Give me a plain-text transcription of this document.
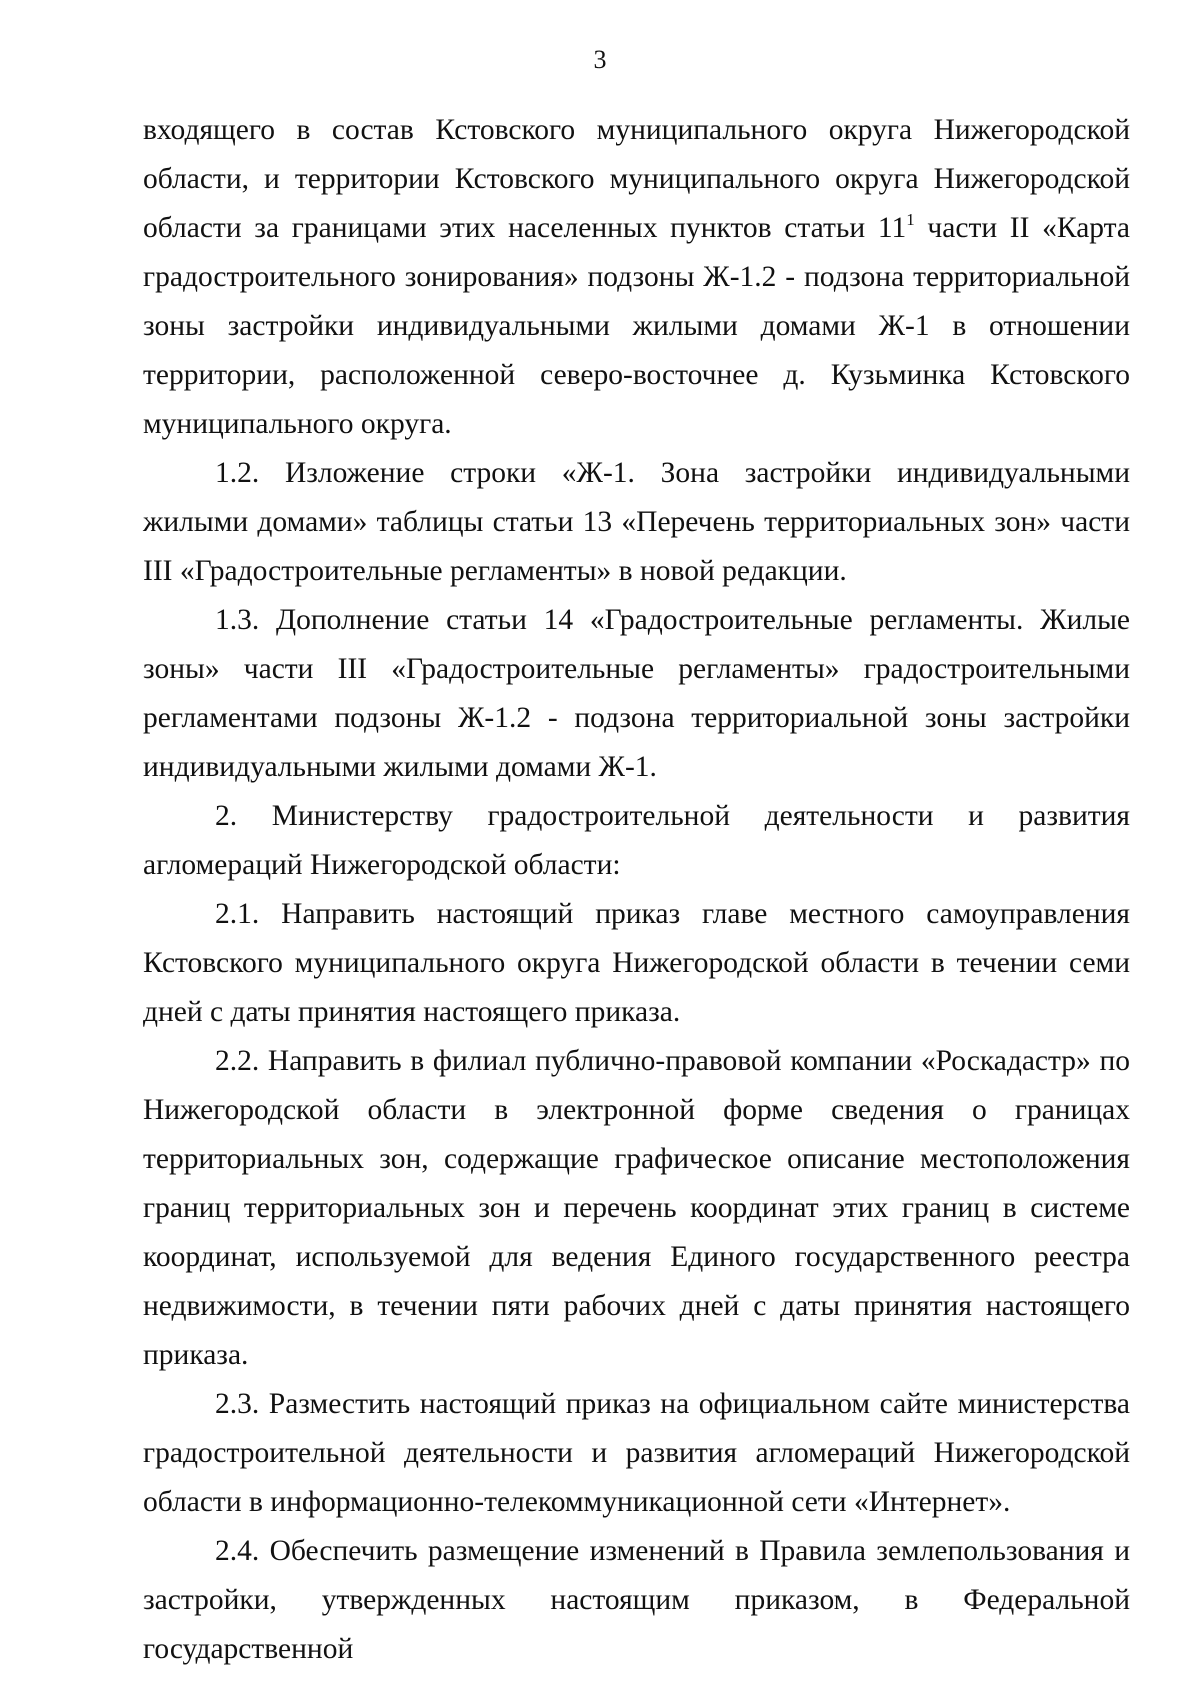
3

входящего в состав Кстовского муниципального округа Нижегородской области, и территории Кстовского муниципального округа Нижегородской области за границами этих населенных пунктов статьи $11^1$ части II «Карта градостроительного зонирования» подзоны Ж-1.2 - подзона территориальной зоны застройки индивидуальными жилыми домами Ж-1 в отношении территории, расположенной северо-восточнее д. Кузьминка Кстовского муниципального округа.

1.2. Изложение строки «Ж-1. Зона застройки индивидуальными жилыми домами» таблицы статьи 13 «Перечень территориальных зон» части III «Градостроительные регламенты» в новой редакции.

1.3. Дополнение статьи 14 «Градостроительные регламенты. Жилые зоны» части III «Градостроительные регламенты» градостроительными регламентами подзоны Ж-1.2 - подзона территориальной зоны застройки индивидуальными жилыми домами Ж-1.

2. Министерству градостроительной деятельности и развития агломераций Нижегородской области:

2.1. Направить настоящий приказ главе местного самоуправления Кстовского муниципального округа Нижегородской области в течении семи дней с даты принятия настоящего приказа.

2.2. Направить в филиал публично-правовой компании «Роскадастр» по Нижегородской области в электронной форме сведения о границах территориальных зон, содержащие графическое описание местоположения границ территориальных зон и перечень координат этих границ в системе координат, используемой для ведения Единого государственного реестра недвижимости, в течении пяти рабочих дней с даты принятия настоящего приказа.

2.3. Разместить настоящий приказ на официальном сайте министерства градостроительной деятельности и развития агломераций Нижегородской области в информационно-телекоммуникационной сети «Интернет».

2.4. Обеспечить размещение изменений в Правила землепользования и застройки, утвержденных настоящим приказом, в Федеральной государственной
